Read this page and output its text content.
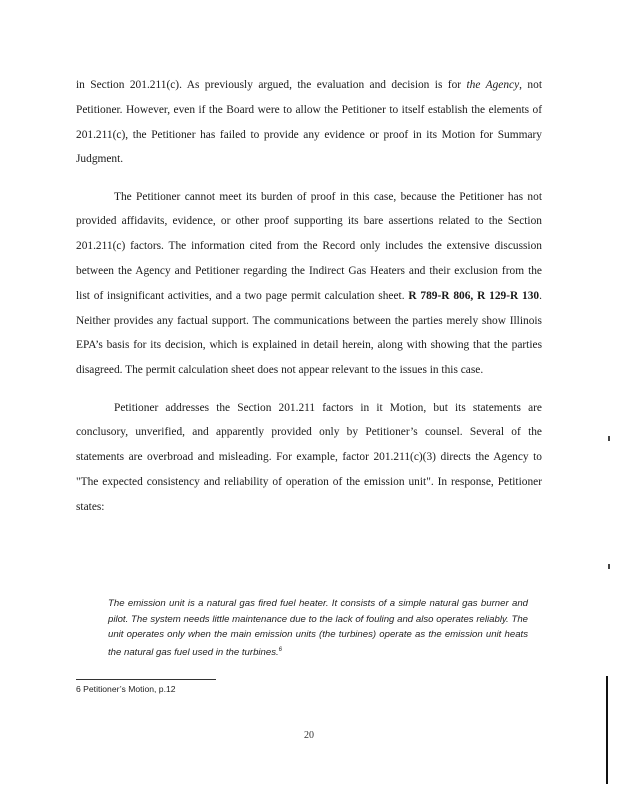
in Section 201.211(c). As previously argued, the evaluation and decision is for the Agency, not Petitioner. However, even if the Board were to allow the Petitioner to itself establish the elements of 201.211(c), the Petitioner has failed to provide any evidence or proof in its Motion for Summary Judgment.

The Petitioner cannot meet its burden of proof in this case, because the Petitioner has not provided affidavits, evidence, or other proof supporting its bare assertions related to the Section 201.211(c) factors. The information cited from the Record only includes the extensive discussion between the Agency and Petitioner regarding the Indirect Gas Heaters and their exclusion from the list of insignificant activities, and a two page permit calculation sheet. R 789-R 806, R 129-R 130. Neither provides any factual support. The communications between the parties merely show Illinois EPA’s basis for its decision, which is explained in detail herein, along with showing that the parties disagreed. The permit calculation sheet does not appear relevant to the issues in this case.

Petitioner addresses the Section 201.211 factors in it Motion, but its statements are conclusory, unverified, and apparently provided only by Petitioner’s counsel. Several of the statements are overbroad and misleading. For example, factor 201.211(c)(3) directs the Agency to "The expected consistency and reliability of operation of the emission unit". In response, Petitioner states:

The emission unit is a natural gas fired fuel heater. It consists of a simple natural gas burner and pilot. The system needs little maintenance due to the lack of fouling and also operates reliably. The unit operates only when the main emission units (the turbines) operate as the emission unit heats the natural gas fuel used in the turbines.$^6$
6 Petitioner’s Motion, p.12
20
